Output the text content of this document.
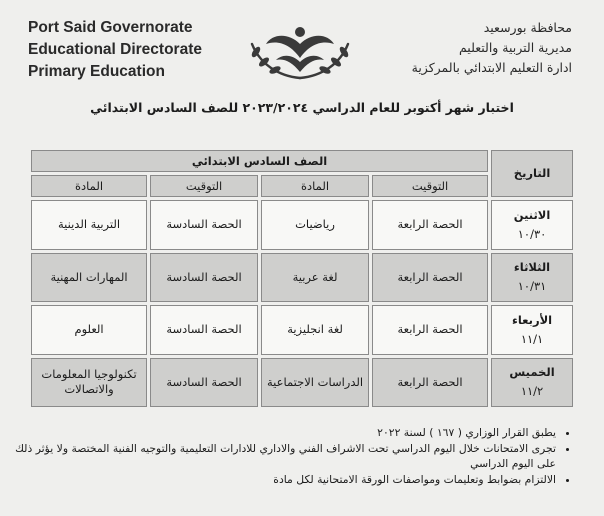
Port Said Governorate
Educational Directorate
Primary Education
محافظة بورسعيد
مديرية التربية والتعليم
ادارة التعليم الابتدائي بالمركزية
اختبار شهر أكتوبر للعام الدراسي ٢٠٢٣/٢٠٢٤ للصف السادس الابتدائي
التاريخ	الصف السادس الابتدائي			
	التوقيت	المادة	التوقيت	المادة

الاثنين
١٠/٣٠	الحصة الرابعة	رياضيات	الحصة السادسة	التربية الدينية

الثلاثاء
١٠/٣١	الحصة الرابعة	لغة عربية	الحصة السادسة	المهارات المهنية

الأربعاء
١١/١	الحصة الرابعة	لغة انجليزية	الحصة السادسة	العلوم

الخميس
١١/٢	الحصة الرابعة	الدراسات الاجتماعية	الحصة السادسة	تكنولوجيا المعلومات والاتصالات
• يطبق القرار الوزاري ( ١٦٧ ) لسنة ٢٠٢٢
• تجرى الامتحانات خلال اليوم الدراسي تحت الاشراف الفني والاداري للادارات التعليمية والتوجيه الفنية المختصة ولا يؤثر ذلك على اليوم الدراسي
• الالتزام بضوابط وتعليمات ومواصفات الورقة الامتحانية لكل مادة
